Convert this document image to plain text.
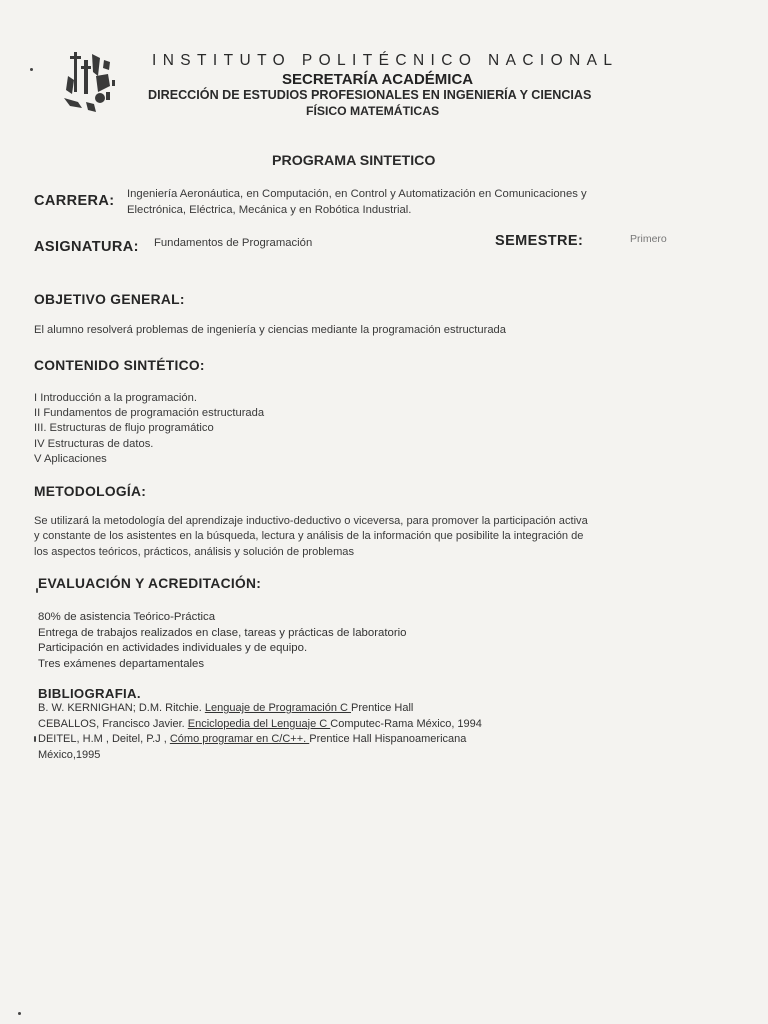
INSTITUTO POLITÉCNICO NACIONAL
SECRETARÍA ACADÉMICA
DIRECCIÓN DE ESTUDIOS PROFESIONALES EN INGENIERÍA Y CIENCIAS
FÍSICO MATEMÁTICAS
PROGRAMA SINTETICO
CARRERA: Ingeniería Aeronáutica, en Computación, en Control y Automatización en Comunicaciones y
Electrónica, Eléctrica, Mecánica y en Robótica Industrial.
ASIGNATURA: Fundamentos de Programación	SEMESTRE:	Primero
OBJETIVO GENERAL:
El alumno resolverá problemas de ingeniería y ciencias mediante la programación estructurada
CONTENIDO SINTÉTICO:
I Introducción a la programación.
II Fundamentos de programación estructurada
III. Estructuras de flujo programático
IV Estructuras de datos.
V Aplicaciones
METODOLOGÍA:
Se utilizará la metodología del aprendizaje inductivo-deductivo o viceversa, para promover la participación activa
y constante de los asistentes en la búsqueda, lectura y análisis de la información que posibilite la integración de
los aspectos teóricos, prácticos, análisis y solución de problemas
EVALUACIÓN Y ACREDITACIÓN:
80% de asistencia Teórico-Práctica
Entrega de trabajos realizados en clase, tareas y prácticas de laboratorio
Participación en actividades individuales y de equipo.
Tres exámenes departamentales
BIBLIOGRAFIA.
B. W. KERNIGHAN; D.M. Ritchie. Lenguaje de Programación C Prentice Hall
CEBALLOS, Francisco Javier. Enciclopedia del Lenguaje C Computec-Rama México, 1994
DEITEL, H.M , Deitel, P.J , Cómo programar en C/C++. Prentice Hall Hispanoamericana
México,1995
